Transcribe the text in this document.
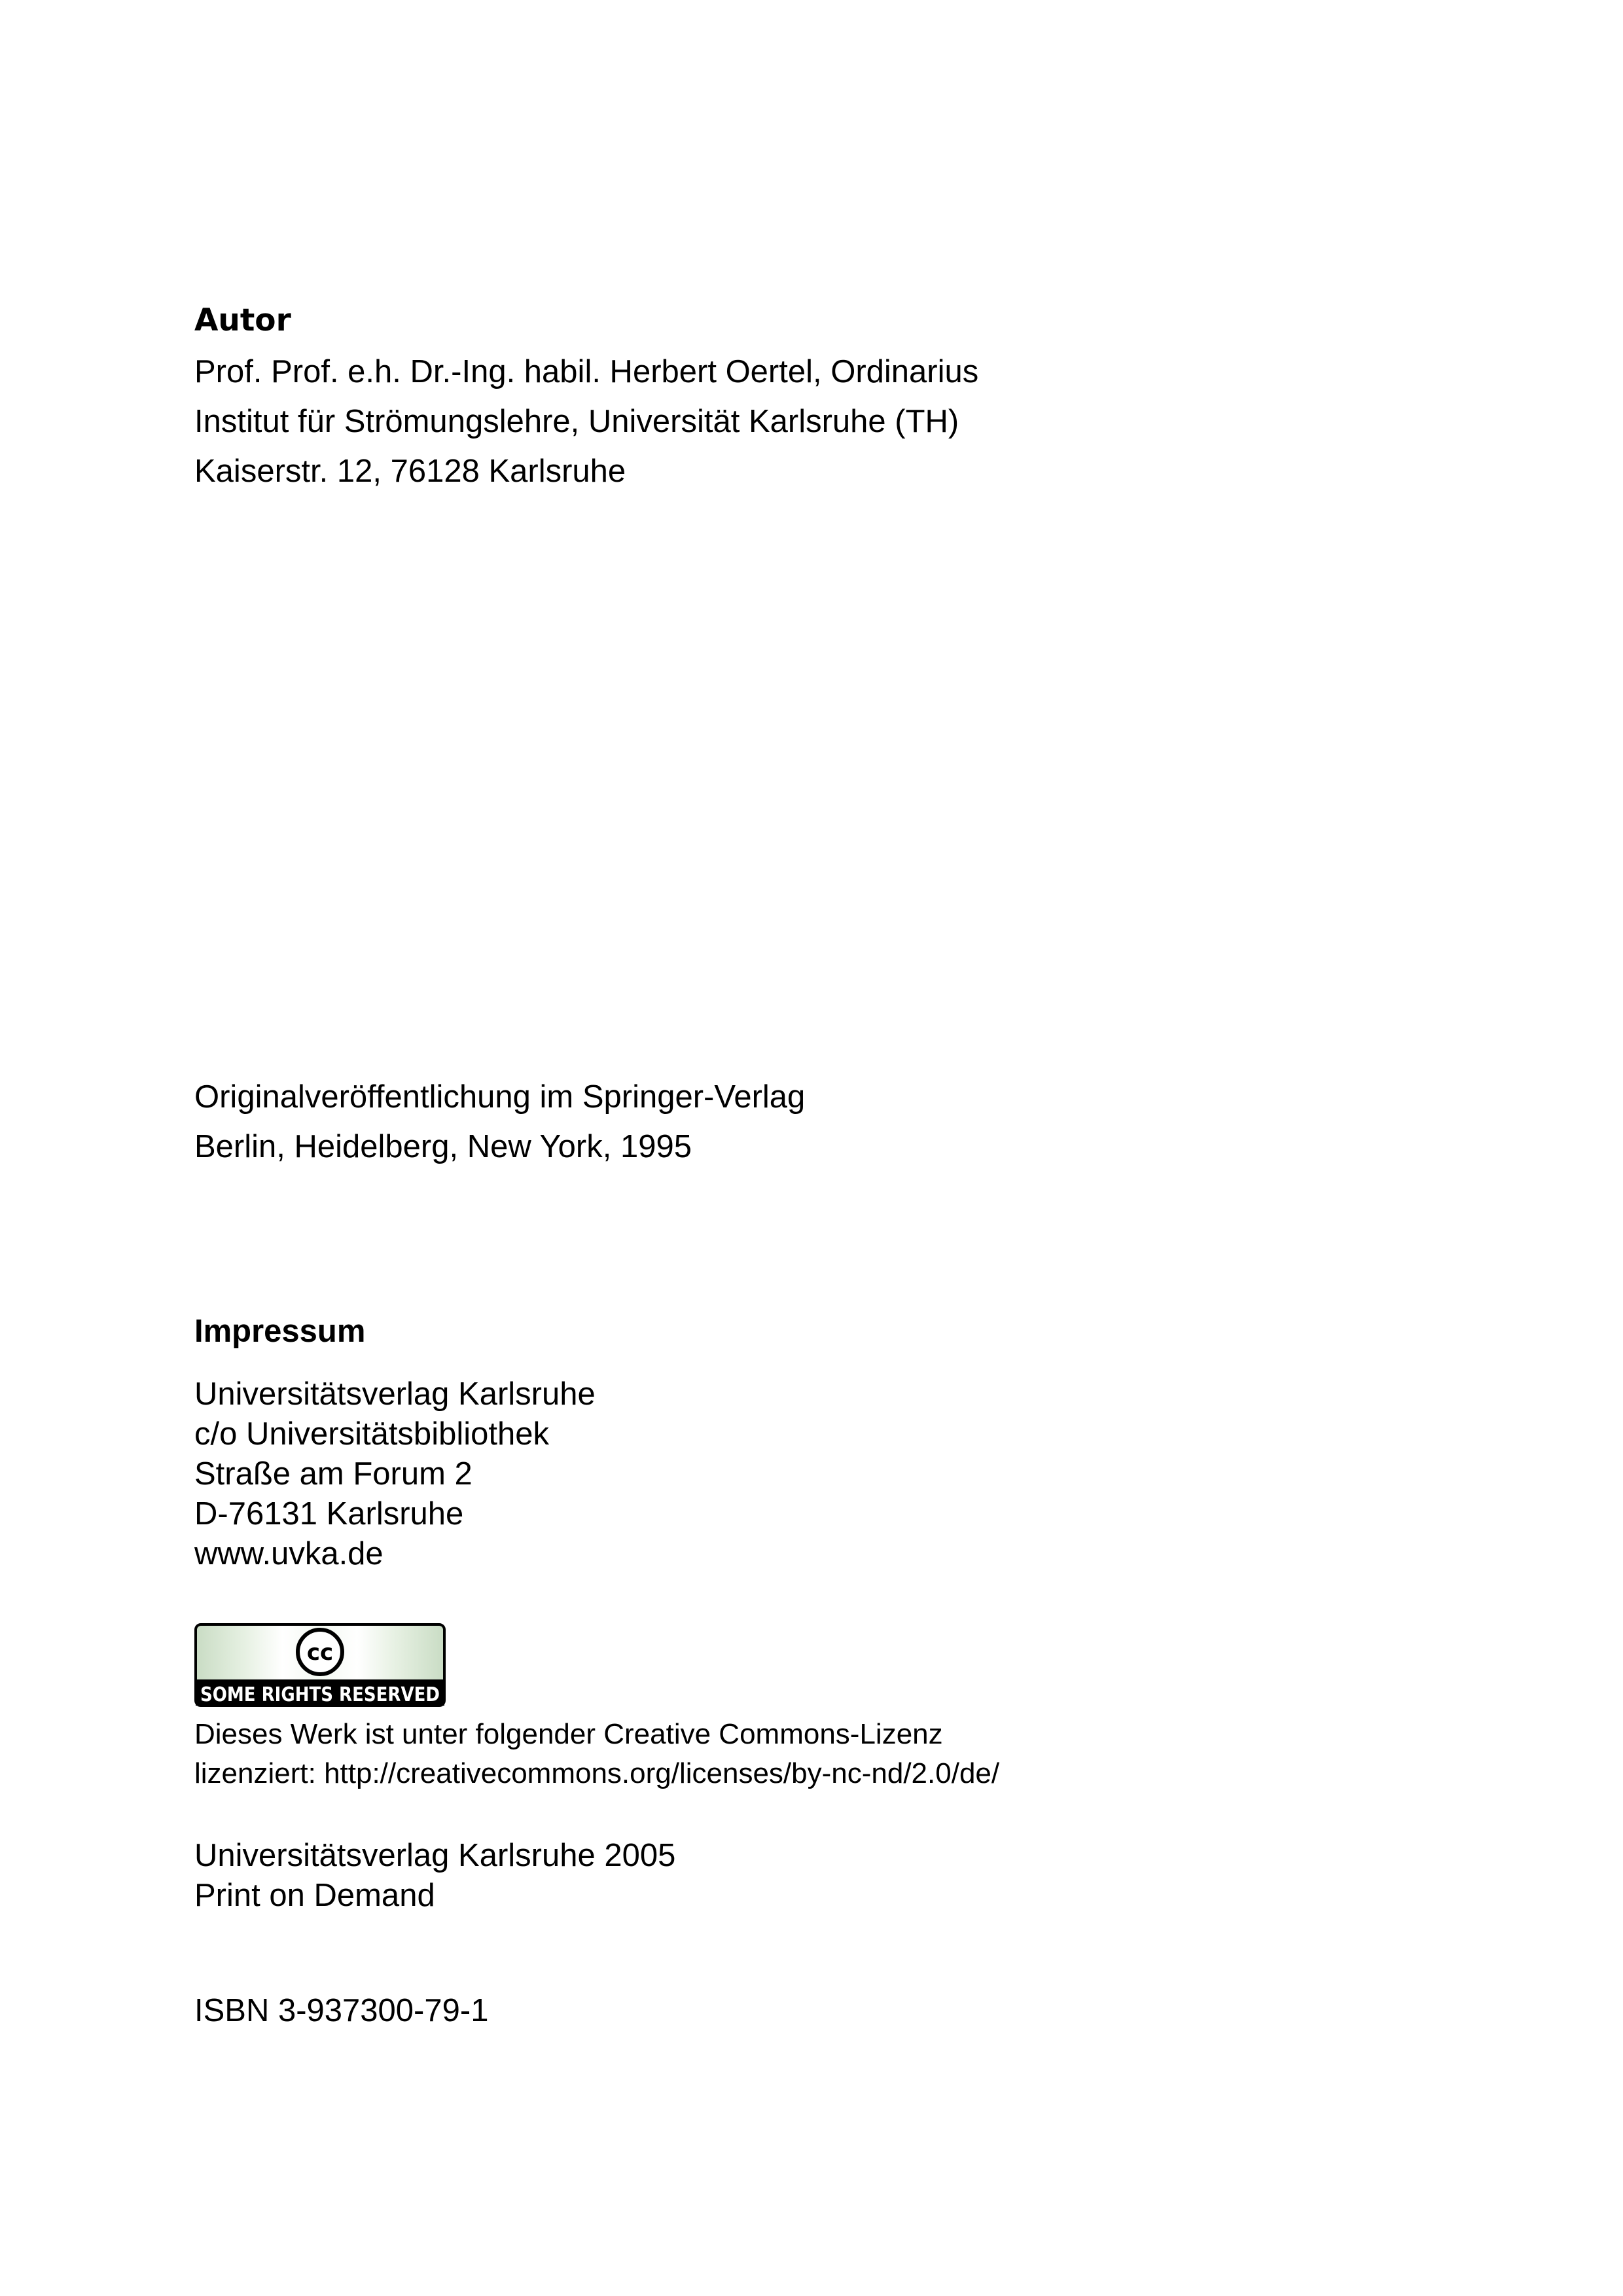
Autor
Prof. Prof. e.h. Dr.-Ing. habil. Herbert Oertel, Ordinarius
Institut für Strömungslehre, Universität Karlsruhe (TH)
Kaiserstr. 12, 76128 Karlsruhe
Originalveröffentlichung im Springer-Verlag
Berlin, Heidelberg, New York, 1995
Impressum
Universitätsverlag Karlsruhe
c/o Universitätsbibliothek
Straße am Forum 2
D-76131 Karlsruhe
www.uvka.de
cc
SOME RIGHTS RESERVED
Dieses Werk ist unter folgender Creative Commons-Lizenz
lizenziert: http://creativecommons.org/licenses/by-nc-nd/2.0/de/
Universitätsverlag Karlsruhe 2005
Print on Demand
ISBN 3-937300-79-1
